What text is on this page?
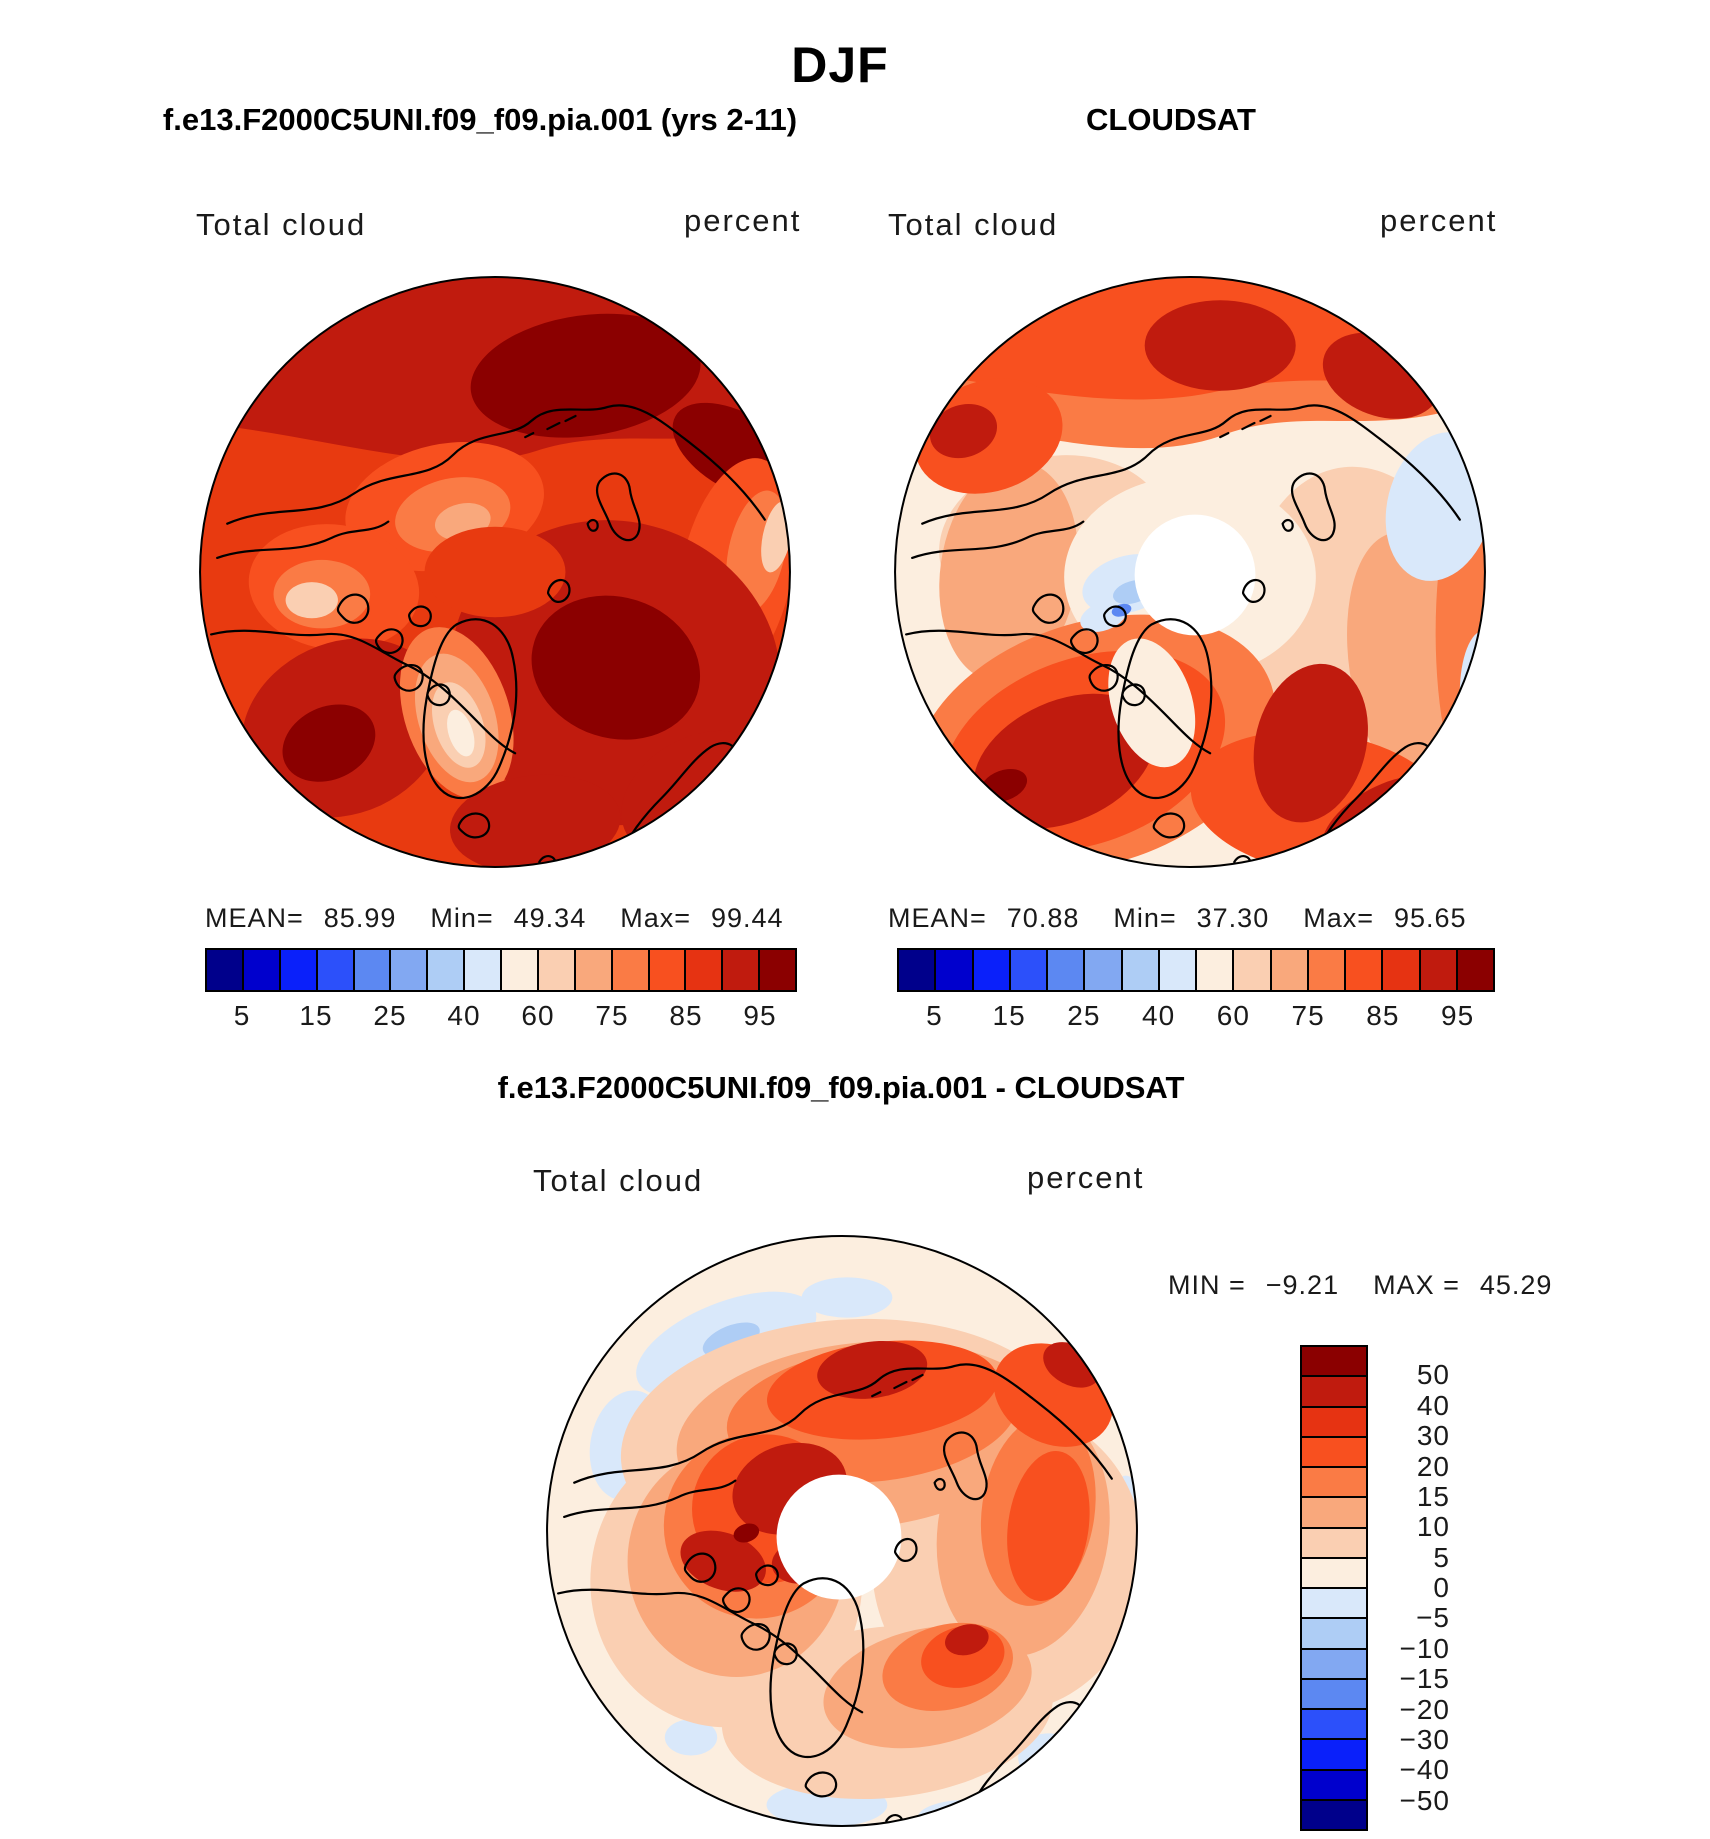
DJF
f.e13.F2000C5UNI.f09_f09.pia.001 (yrs 2-11)	CLOUDSAT
Total cloud	percent	Total cloud	percent
MEAN= 85.99 Min= 49.34 Max= 99.44
5 15 25 40 60 75 85 95
MEAN= 70.88 Min= 37.30 Max= 95.65
5 15 25 40 60 75 85 95
f.e13.F2000C5UNI.f09_f09.pia.001 - CLOUDSAT
Total cloud	percent
MIN = −9.21 MAX = 45.29
50
40
30
20
15
10
5
0
−5
−10
−15
−20
−30
−40
−50
